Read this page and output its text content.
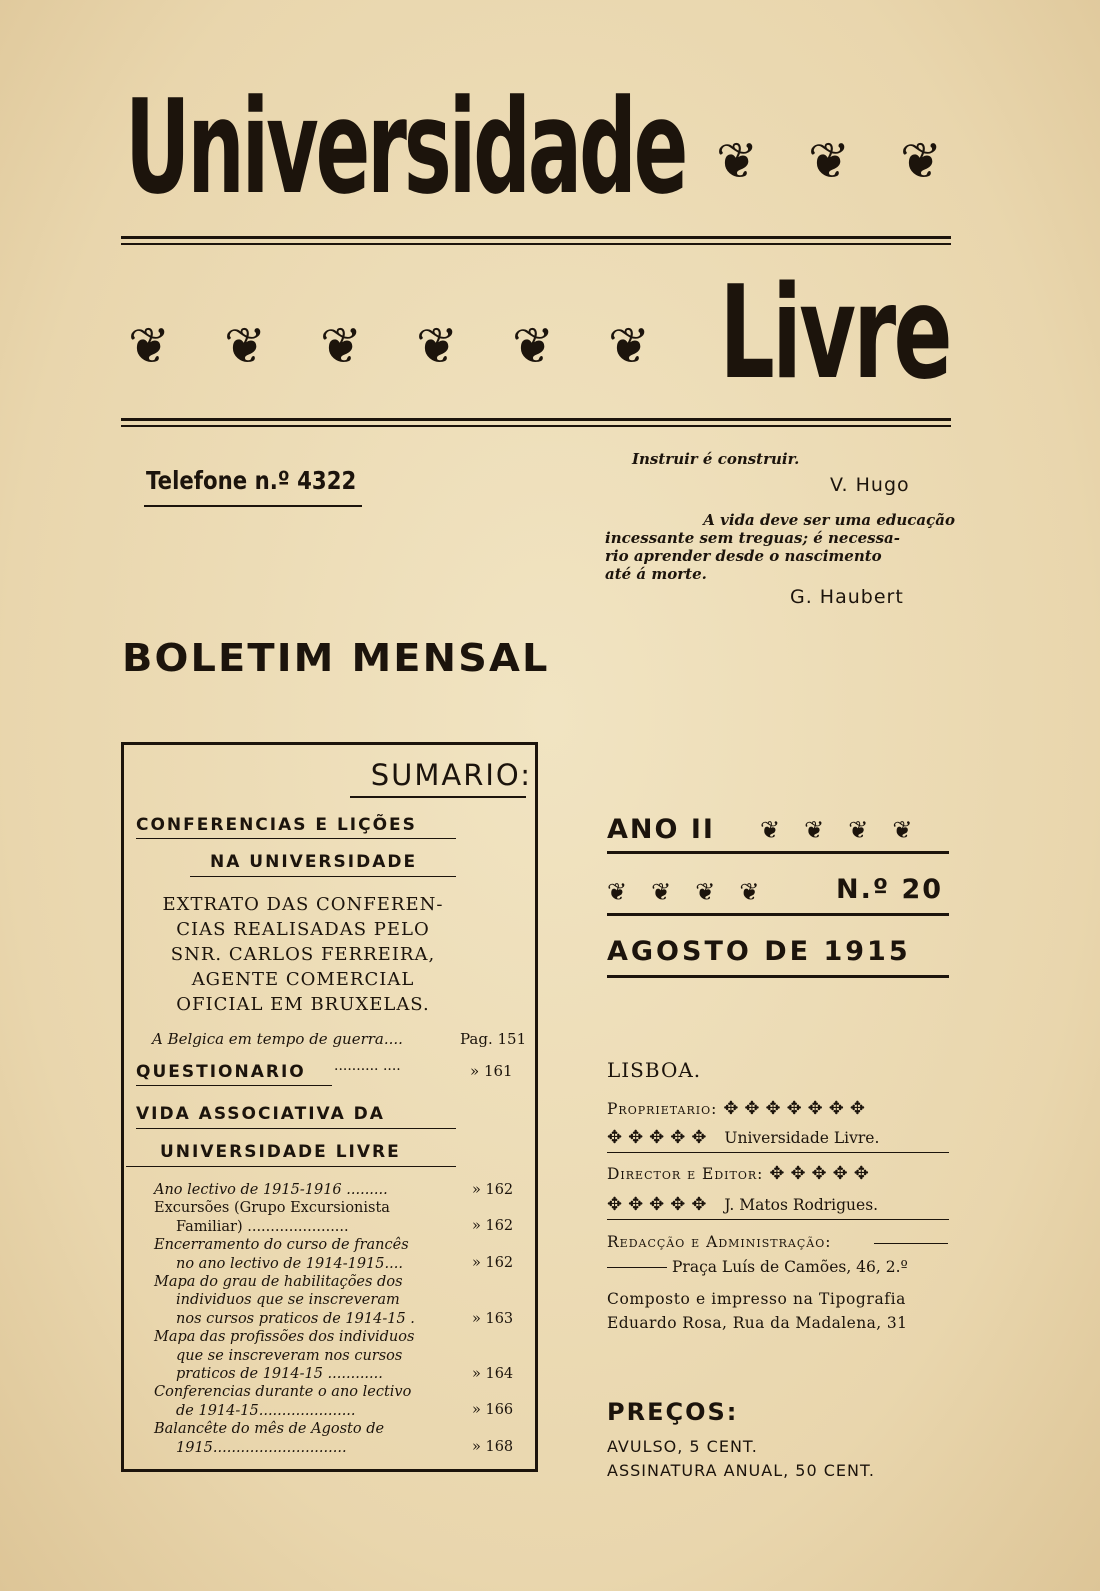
Universidade ❦ ❦ ❦
❦ ❦ ❦ ❦ ❦ ❦ Livre
Telefone n.º 4322
Instruir é construir.
V. Hugo
A vida deve ser uma educação
incessante sem treguas; é necessa-
rio aprender desde o nascimento
até á morte.
G. Haubert
BOLETIM MENSAL
SUMARIO:
CONFERENCIAS E LIÇÕES
NA UNIVERSIDADE
EXTRATO DAS CONFEREN-
CIAS REALISADAS PELO
SNR. CARLOS FERREIRA,
AGENTE COMERCIAL
OFICIAL EM BRUXELAS.
A Belgica em tempo de guerra....	Pag. 151
QUESTIONARIO ·········· ····	» 161
VIDA ASSOCIATIVA DA
UNIVERSIDADE LIVRE
Ano lectivo de 1915-1916 .........	» 162
Excursões (Grupo Excursionista
Familiar) ......................	» 162
Encerramento do curso de francês
no ano lectivo de 1914-1915....	» 162
Mapa do grau de habilitações dos
individuos que se inscreveram
nos cursos praticos de 1914-15 .	» 163
Mapa das profissões dos individuos
que se inscreveram nos cursos
praticos de 1914-15 ............	» 164
Conferencias durante o ano lectivo
de 1914-15.....................	» 166
Balancête do mês de Agosto de
1915.............................	» 168
ANO II ❦ ❦ ❦ ❦
❦ ❦ ❦ ❦	N.º 20
AGOSTO DE 1915
LISBOA.
Proprietario: ✥✥✥✥✥✥✥
✥✥✥✥✥ Universidade Livre.
Director e Editor: ✥✥✥✥✥
✥✥✥✥✥ J. Matos Rodrigues.
Redacção e Administração:
Praça Luís de Camões, 46, 2.º
Composto e impresso na Tipografia
Eduardo Rosa, Rua da Madalena, 31
PREÇOS:
AVULSO, 5 CENT.
ASSINATURA ANUAL, 50 CENT.
